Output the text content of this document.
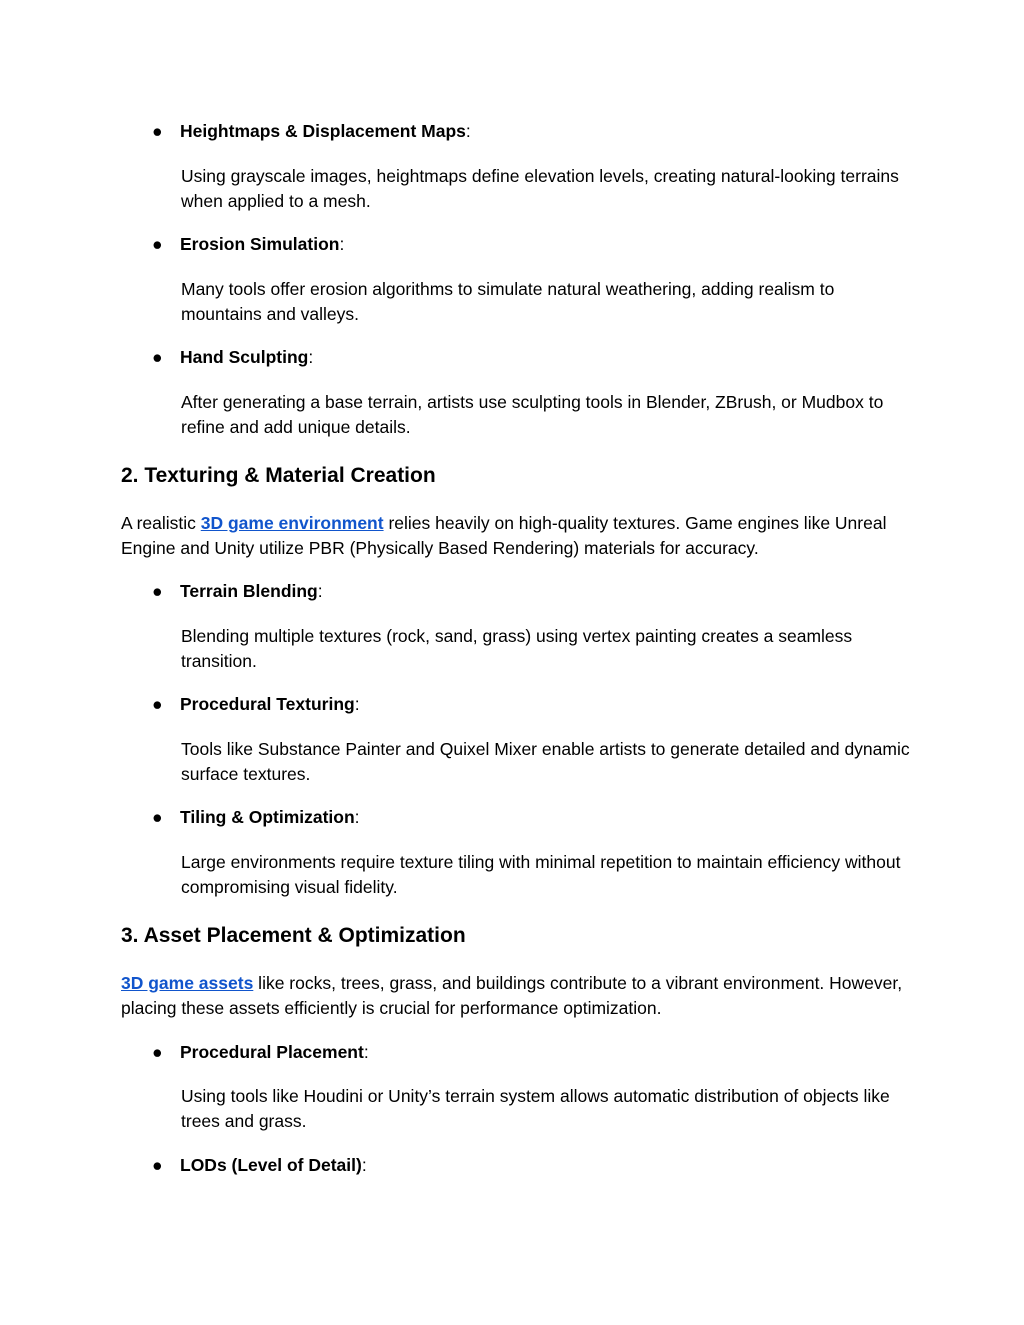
● Heightmaps & Displacement Maps:
Using grayscale images, heightmaps define elevation levels, creating natural-looking terrains when applied to a mesh.
● Erosion Simulation:
Many tools offer erosion algorithms to simulate natural weathering, adding realism to mountains and valleys.
● Hand Sculpting:
After generating a base terrain, artists use sculpting tools in Blender, ZBrush, or Mudbox to refine and add unique details.
2. Texturing & Material Creation
A realistic 3D game environment relies heavily on high-quality textures. Game engines like Unreal Engine and Unity utilize PBR (Physically Based Rendering) materials for accuracy.
● Terrain Blending:
Blending multiple textures (rock, sand, grass) using vertex painting creates a seamless transition.
● Procedural Texturing:
Tools like Substance Painter and Quixel Mixer enable artists to generate detailed and dynamic surface textures.
● Tiling & Optimization:
Large environments require texture tiling with minimal repetition to maintain efficiency without compromising visual fidelity.
3. Asset Placement & Optimization
3D game assets like rocks, trees, grass, and buildings contribute to a vibrant environment. However, placing these assets efficiently is crucial for performance optimization.
● Procedural Placement:
Using tools like Houdini or Unity’s terrain system allows automatic distribution of objects like trees and grass.
● LODs (Level of Detail):
